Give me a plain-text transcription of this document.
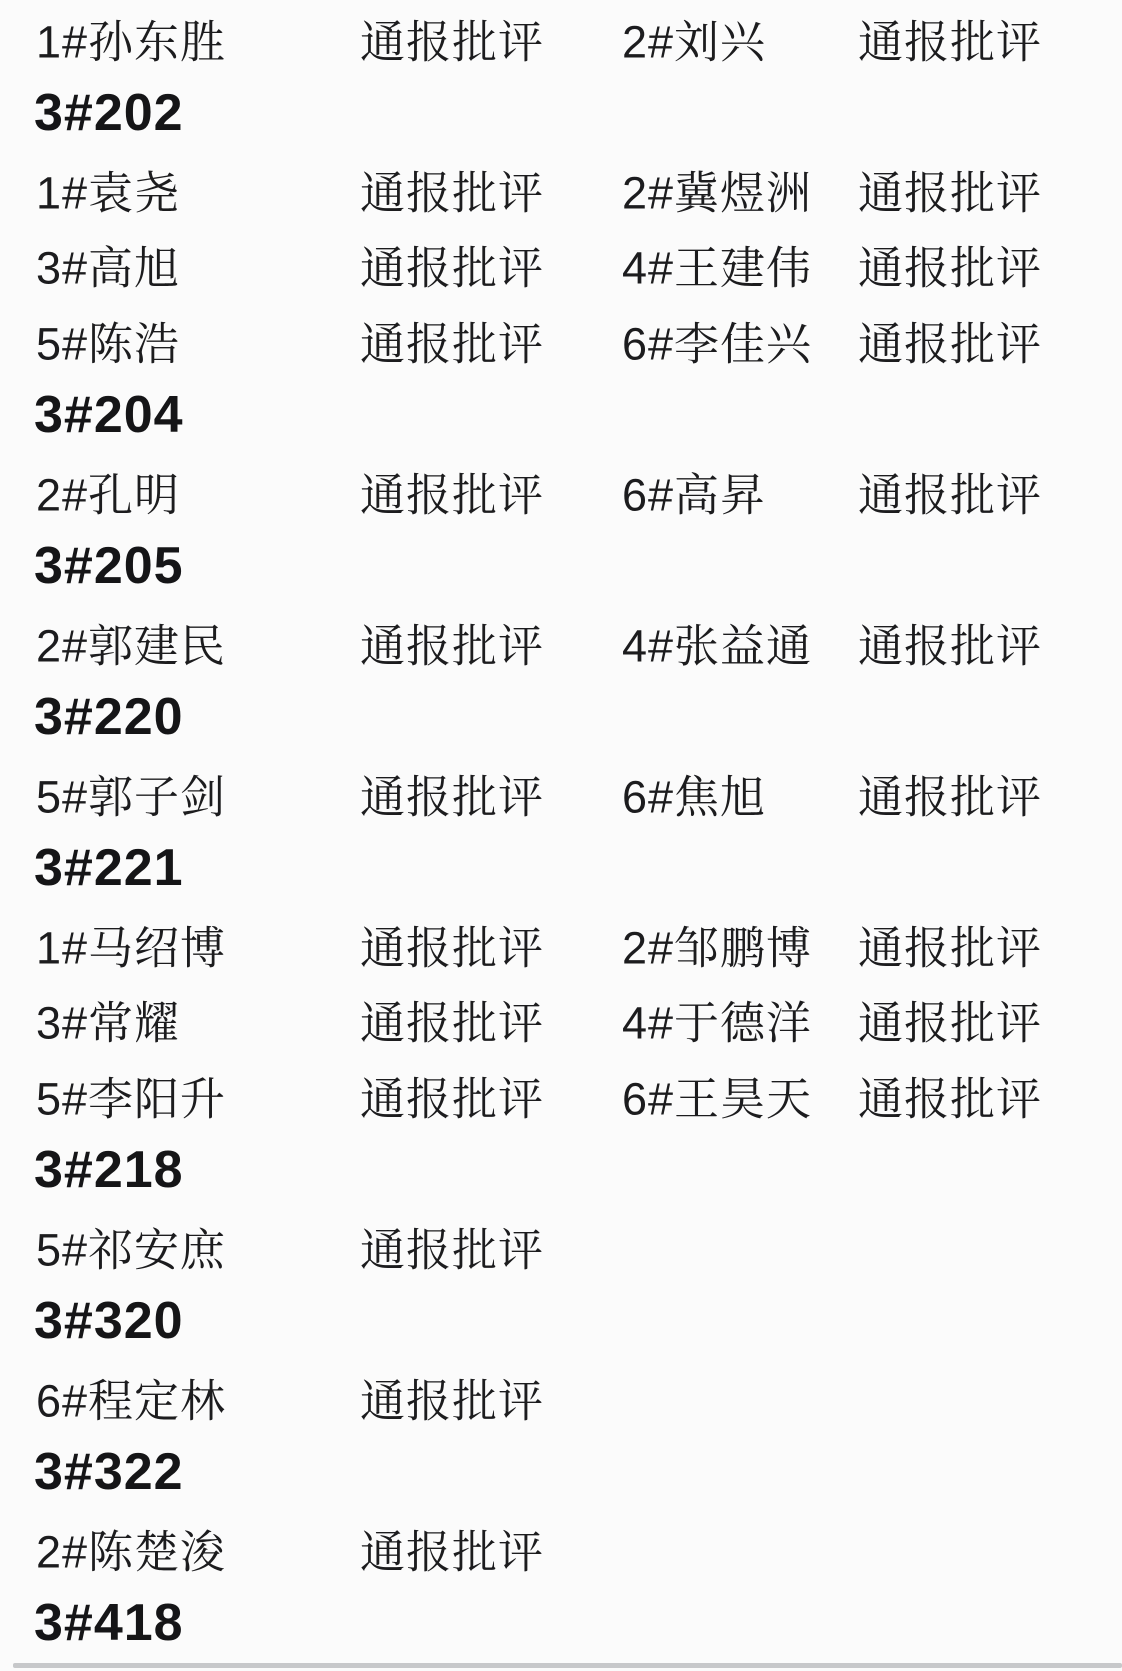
1#孙东胜	通报批评 2#刘兴 通报批评
3#202
1#袁尧	通报批评 2#冀煜洲 通报批评
3#高旭	通报批评 4#王建伟 通报批评
5#陈浩	通报批评 6#李佳兴 通报批评
3#204
2#孔明	通报批评 6#高昇 通报批评
3#205
2#郭建民	通报批评 4#张益通 通报批评
3#220
5#郭子剑	通报批评 6#焦旭 通报批评
3#221
1#马绍博	通报批评 2#邹鹏博 通报批评
3#常耀	通报批评 4#于德洋 通报批评
5#李阳升	通报批评 6#王昊天 通报批评
3#218
5#祁安庶	通报批评
3#320
6#程定林	通报批评
3#322
2#陈楚浚	通报批评
3#418
